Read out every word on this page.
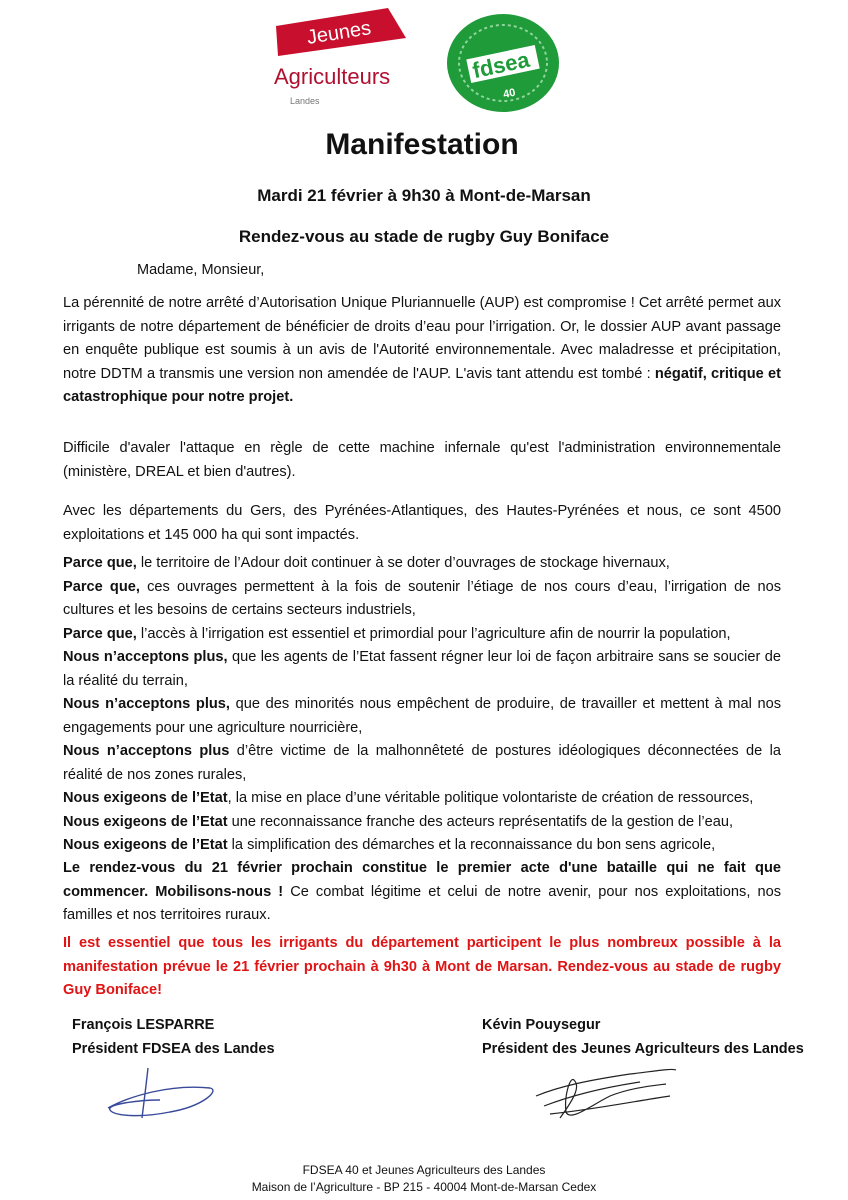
Jeunes
Agriculteurs
Landes
fdsea
40
Manifestation
Mardi 21 février à 9h30 à Mont-de-Marsan
Rendez-vous au stade de rugby Guy Boniface
Madame, Monsieur,
La pérennité de notre arrêté d’Autorisation Unique Pluriannuelle (AUP) est compromise ! Cet arrêté permet aux irrigants de notre département de bénéficier de droits d’eau pour l’irrigation. Or, le dossier AUP avant passage en enquête publique est soumis à un avis de l'Autorité environnementale. Avec maladresse et précipitation, notre DDTM a transmis une version non amendée de l'AUP. L'avis tant attendu est tombé : négatif, critique et catastrophique pour notre projet.
Difficile d'avaler l'attaque en règle de cette machine infernale qu'est l'administration environnementale (ministère, DREAL et bien d'autres).
Avec les départements du Gers, des Pyrénées-Atlantiques, des Hautes-Pyrénées et nous, ce sont 4500 exploitations et 145 000 ha qui sont impactés.
Parce que, le territoire de l’Adour doit continuer à se doter d’ouvrages de stockage hivernaux,
Parce que, ces ouvrages permettent à la fois de soutenir l’étiage de nos cours d’eau, l’irrigation de nos cultures et les besoins de certains secteurs industriels,
Parce que, l’accès à l’irrigation est essentiel et primordial pour l’agriculture afin de nourrir la population,
Nous n’acceptons plus, que les agents de l’Etat fassent régner leur loi de façon arbitraire sans se soucier de la réalité du terrain,
Nous n’acceptons plus, que des minorités nous empêchent de produire, de travailler et mettent à mal nos engagements pour une agriculture nourricière,
Nous n’acceptons plus d’être victime de la malhonnêteté de postures idéologiques déconnectées de la réalité de nos zones rurales,
Nous exigeons de l’Etat, la mise en place d’une véritable politique volontariste de création de ressources,
Nous exigeons de l’Etat une reconnaissance franche des acteurs représentatifs de la gestion de l’eau,
Nous exigeons de l’Etat la simplification des démarches et la reconnaissance du bon sens agricole,
Le rendez-vous du 21 février prochain constitue le premier acte d'une bataille qui ne fait que commencer. Mobilisons-nous ! Ce combat légitime et celui de notre avenir, pour nos exploitations, nos familles et nos territoires ruraux.
Il est essentiel que tous les irrigants du département participent le plus nombreux possible à la manifestation prévue le 21 février prochain à 9h30 à Mont de Marsan. Rendez-vous au stade de rugby Guy Boniface!
François LESPARRE
Président FDSEA des Landes
Kévin Pouysegur
Président des Jeunes Agriculteurs des Landes
FDSEA 40 et Jeunes Agriculteurs des Landes
Maison de l’Agriculture - BP 215 - 40004 Mont-de-Marsan Cedex
